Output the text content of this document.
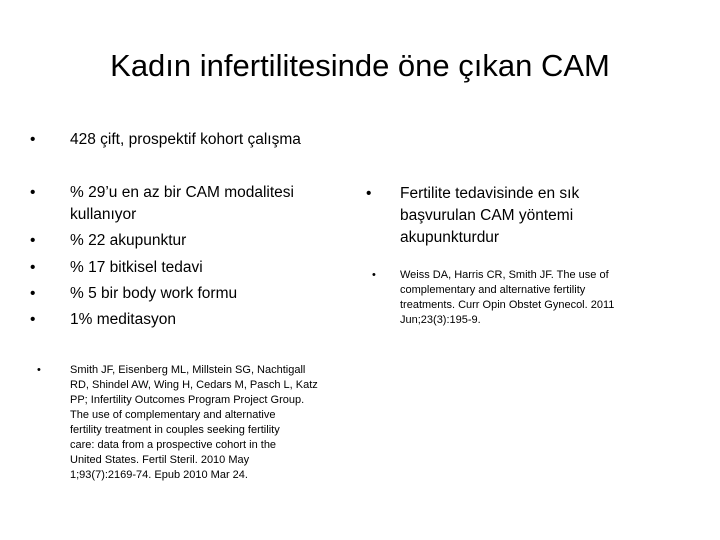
Kadın infertilitesinde öne çıkan CAM
• 428 çift, prospektif kohort çalışma
• % 29’u en az bir CAM modalitesi
kullanıyor
• % 22 akupunktur
• % 17 bitkisel tedavi
• % 5 bir body work formu
• 1% meditasyon
•	Smith JF, Eisenberg ML, Millstein SG, Nachtigall
RD, Shindel AW, Wing H, Cedars M, Pasch L, Katz
PP; Infertility Outcomes Program Project Group.
The use of complementary and alternative
fertility treatment in couples seeking fertility
care: data from a prospective cohort in the
United States. Fertil Steril. 2010 May
1;93(7):2169-74. Epub 2010 Mar 24.
• Fertilite tedavisinde en sık
başvurulan CAM yöntemi
akupunkturdur
• Weiss DA, Harris CR, Smith JF. The use of
complementary and alternative fertility
treatments. Curr Opin Obstet Gynecol. 2011
Jun;23(3):195-9.
